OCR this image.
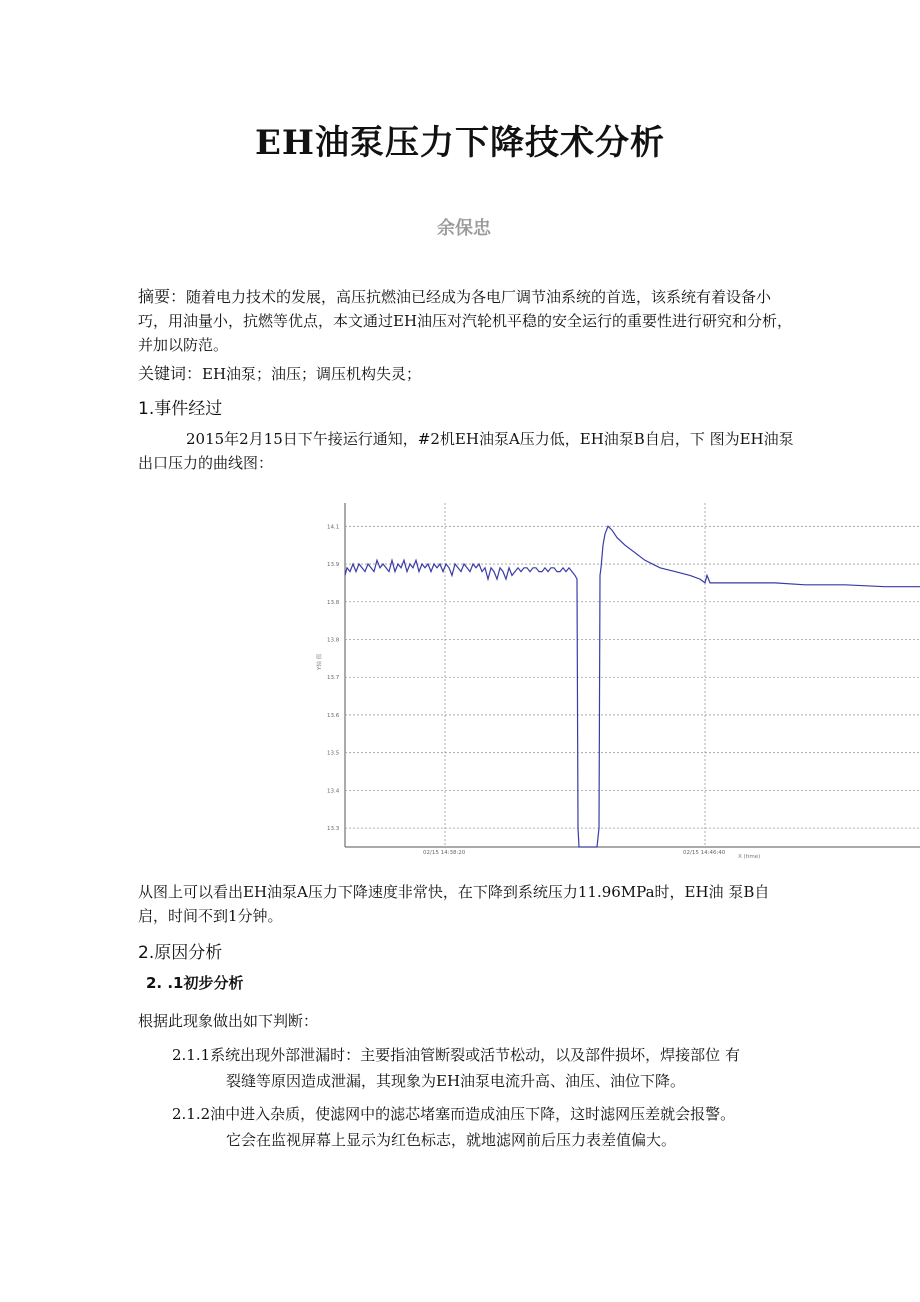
EH油泵压力下降技术分析
余保忠
摘要：随着电力技术的发展，高压抗燃油已经成为各电厂调节油系统的首选，该系统有着设备小巧，用油量小，抗燃等优点，本文通过EH油压对汽轮机平稳的安全运行的重要性进行研究和分析，并加以防范。
关键词：EH油泵；油压；调压机构失灵；
1.事件经过
2015年2月15日下午接运行通知，#2机EH油泵A压力低，EH油泵B自启，下 图为EH油泵出口压力的曲线图：
14.1
13.9
13.8
13.8
13.7
13.6
13.5
13.4
13.3
02/15 14:38:20	02/15 14:46:40
Y轴 值
X (time)
从图上可以看出EH油泵A压力下降速度非常快，在下降到系统压力11.96MPa时，EH油 泵B自启，时间不到1分钟。
2.原因分析
2. .1初步分析
根据此现象做出如下判断：
2.1.1系统出现外部泄漏时：主要指油管断裂或活节松动，以及部件损坏，焊接部位 有
裂缝等原因造成泄漏，其现象为EH油泵电流升高、油压、油位下降。
2.1.2油中进入杂质，使滤网中的滤芯堵塞而造成油压下降，这时滤网压差就会报警。
它会在监视屏幕上显示为红色标志，就地滤网前后压力表差值偏大。
